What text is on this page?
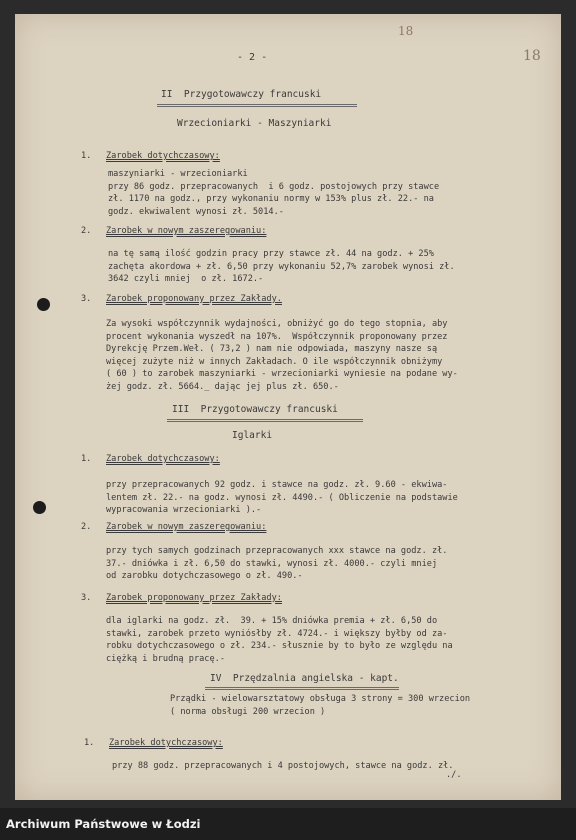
18
18
- 2 -
II  Przygotowawczy francuski
Wrzecioniarki - Maszyniarki
1. Zarobek dotychczasowy:
maszyniarki - wrzecioniarki
przy 86 godz. przepracowanych  i 6 godz. postojowych przy stawce
zł. 1170 na godz., przy wykonaniu normy w 153% plus zł. 22.- na
godz. ekwiwalent wynosi zł. 5014.-
2. Zarobek w nowym zaszeregowaniu:
na tę samą ilość godzin pracy przy stawce zł. 44 na godz. + 25%
zachęta akordowa + zł. 6,50 przy wykonaniu 52,7% zarobek wynosi zł.
3642 czyli mniej  o zł. 1672.-
3. Zarobek proponowany przez Zakłady.
Za wysoki współczynnik wydajności, obniżyć go do tego stopnia, aby
procent wykonania wyszedł na 107%.  Współczynnik proponowany przez
Dyrekcję Przem.Weł. ( 73,2 ) nam nie odpowiada, maszyny nasze są
więcej zużyte niż w innych Zakładach. O ile współczynnik obniżymy
( 60 ) to zarobek maszyniarki - wrzecioniarki wyniesie na podane wy-
żej godz. zł. 5664._ dając jej plus zł. 650.-
III  Przygotowawczy francuski
Iglarki
1. Zarobek dotychczasowy:
przy przepracowanych 92 godz. i stawce na godz. zł. 9.60 - ekwiwa-
lentem zł. 22.- na godz. wynosi zł. 4490.- ( Obliczenie na podstawie
wypracowania wrzecioniarki ).-
2. Zarobek w nowym zaszeregowaniu:
przy tych samych godzinach przepracowanych xxx stawce na godz. zł.
37.- dniówka i zł. 6,50 do stawki, wynosi zł. 4000.- czyli mniej
od zarobku dotychczasowego o zł. 490.-
3. Zarobek proponowany przez Zakłady:
dla iglarki na godz. zł.  39. + 15% dniówka premia + zł. 6,50 do
stawki, zarobek przeto wyniósłby zł. 4724.- i większy byłby od za-
robku dotychczasowego o zł. 234.- słusznie by to było ze względu na
ciężką i brudną pracę.-
IV  Przędzalnia angielska - kapt.
Prządki - wielowarsztatowy obsługa 3 strony = 300 wrzecion
( norma obsługi 200 wrzecion )
1. Zarobek dotychczasowy:
przy 88 godz. przepracowanych i 4 postojowych, stawce na godz. zł.
./.
Archiwum Państwowe w Łodzi
